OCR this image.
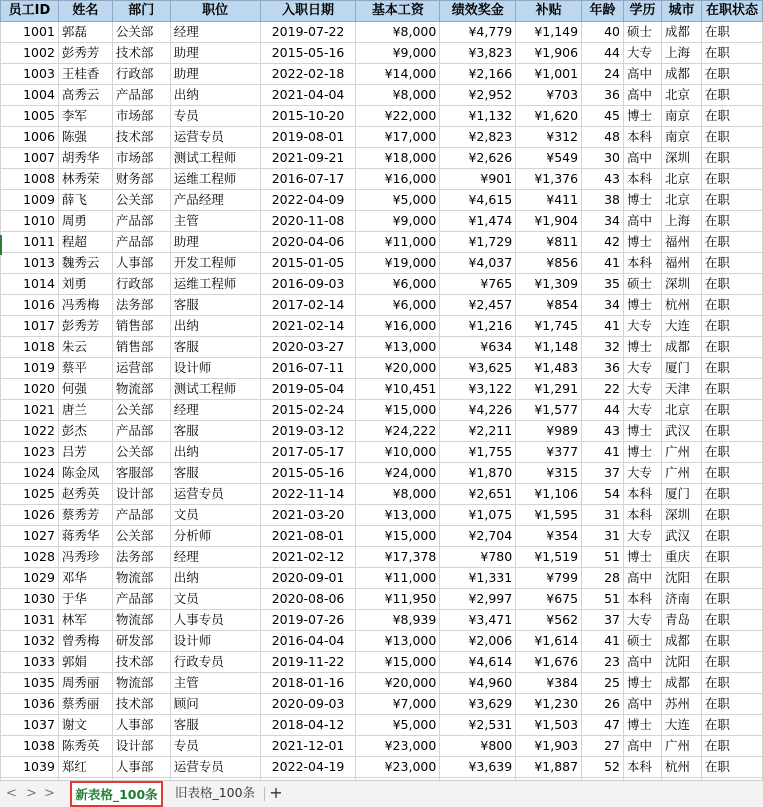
员工ID	姓名	部门	职位	入职日期	基本工资	绩效奖金	补贴	年龄	学历	城市	在职状态
1001	郭磊	公关部	经理	2019-07-22	¥8,000	¥4,779	¥1,149	40	硕士	成都	在职
1002	彭秀芳	技术部	助理	2015-05-16	¥9,000	¥3,823	¥1,906	44	大专	上海	在职
1003	王桂香	行政部	助理	2022-02-18	¥14,000	¥2,166	¥1,001	24	高中	成都	在职
1004	高秀云	产品部	出纳	2021-04-04	¥8,000	¥2,952	¥703	36	高中	北京	在职
1005	李军	市场部	专员	2015-10-20	¥22,000	¥1,132	¥1,620	45	博士	南京	在职
1006	陈强	技术部	运营专员	2019-08-01	¥17,000	¥2,823	¥312	48	本科	南京	在职
1007	胡秀华	市场部	测试工程师	2021-09-21	¥18,000	¥2,626	¥549	30	高中	深圳	在职
1008	林秀荣	财务部	运维工程师	2016-07-17	¥16,000	¥901	¥1,376	43	本科	北京	在职
1009	薛飞	公关部	产品经理	2022-04-09	¥5,000	¥4,615	¥411	38	博士	北京	在职
1010	周勇	产品部	主管	2020-11-08	¥9,000	¥1,474	¥1,904	34	高中	上海	在职
1011	程超	产品部	助理	2020-04-06	¥11,000	¥1,729	¥811	42	博士	福州	在职
1013	魏秀云	人事部	开发工程师	2015-01-05	¥19,000	¥4,037	¥856	41	本科	福州	在职
1014	刘勇	行政部	运维工程师	2016-09-03	¥6,000	¥765	¥1,309	35	硕士	深圳	在职
1016	冯秀梅	法务部	客服	2017-02-14	¥6,000	¥2,457	¥854	34	博士	杭州	在职
1017	彭秀芳	销售部	出纳	2021-02-14	¥16,000	¥1,216	¥1,745	41	大专	大连	在职
1018	朱云	销售部	客服	2020-03-27	¥13,000	¥634	¥1,148	32	博士	成都	在职
1019	蔡平	运营部	设计师	2016-07-11	¥20,000	¥3,625	¥1,483	36	大专	厦门	在职
1020	何强	物流部	测试工程师	2019-05-04	¥10,451	¥3,122	¥1,291	22	大专	天津	在职
1021	唐兰	公关部	经理	2015-02-24	¥15,000	¥4,226	¥1,577	44	大专	北京	在职
1022	彭杰	产品部	客服	2019-03-12	¥24,222	¥2,211	¥989	43	博士	武汉	在职
1023	吕芳	公关部	出纳	2017-05-17	¥10,000	¥1,755	¥377	41	博士	广州	在职
1024	陈金凤	客服部	客服	2015-05-16	¥24,000	¥1,870	¥315	37	大专	广州	在职
1025	赵秀英	设计部	运营专员	2022-11-14	¥8,000	¥2,651	¥1,106	54	本科	厦门	在职
1026	蔡秀芳	产品部	文员	2021-03-20	¥13,000	¥1,075	¥1,595	31	本科	深圳	在职
1027	蒋秀华	公关部	分析师	2021-08-01	¥15,000	¥2,704	¥354	31	大专	武汉	在职
1028	冯秀珍	法务部	经理	2021-02-12	¥17,378	¥780	¥1,519	51	博士	重庆	在职
1029	邓华	物流部	出纳	2020-09-01	¥11,000	¥1,331	¥799	28	高中	沈阳	在职
1030	于华	产品部	文员	2020-08-06	¥11,950	¥2,997	¥675	51	本科	济南	在职
1031	林军	物流部	人事专员	2019-07-26	¥8,939	¥3,471	¥562	37	大专	青岛	在职
1032	曾秀梅	研发部	设计师	2016-04-04	¥13,000	¥2,006	¥1,614	41	硕士	成都	在职
1033	郭娟	技术部	行政专员	2019-11-22	¥15,000	¥4,614	¥1,676	23	高中	沈阳	在职
1035	周秀丽	物流部	主管	2018-01-16	¥20,000	¥4,960	¥384	25	博士	成都	在职
1036	蔡秀丽	技术部	顾问	2020-09-03	¥7,000	¥3,629	¥1,230	26	高中	苏州	在职
1037	谢文	人事部	客服	2018-04-12	¥5,000	¥2,531	¥1,503	47	博士	大连	在职
1038	陈秀英	设计部	专员	2021-12-01	¥23,000	¥800	¥1,903	27	高中	广州	在职
1039	郑红	人事部	运营专员	2022-04-19	¥23,000	¥3,639	¥1,887	52	本科	杭州	在职

< > >	新表格_100条	旧表格_100条 +
